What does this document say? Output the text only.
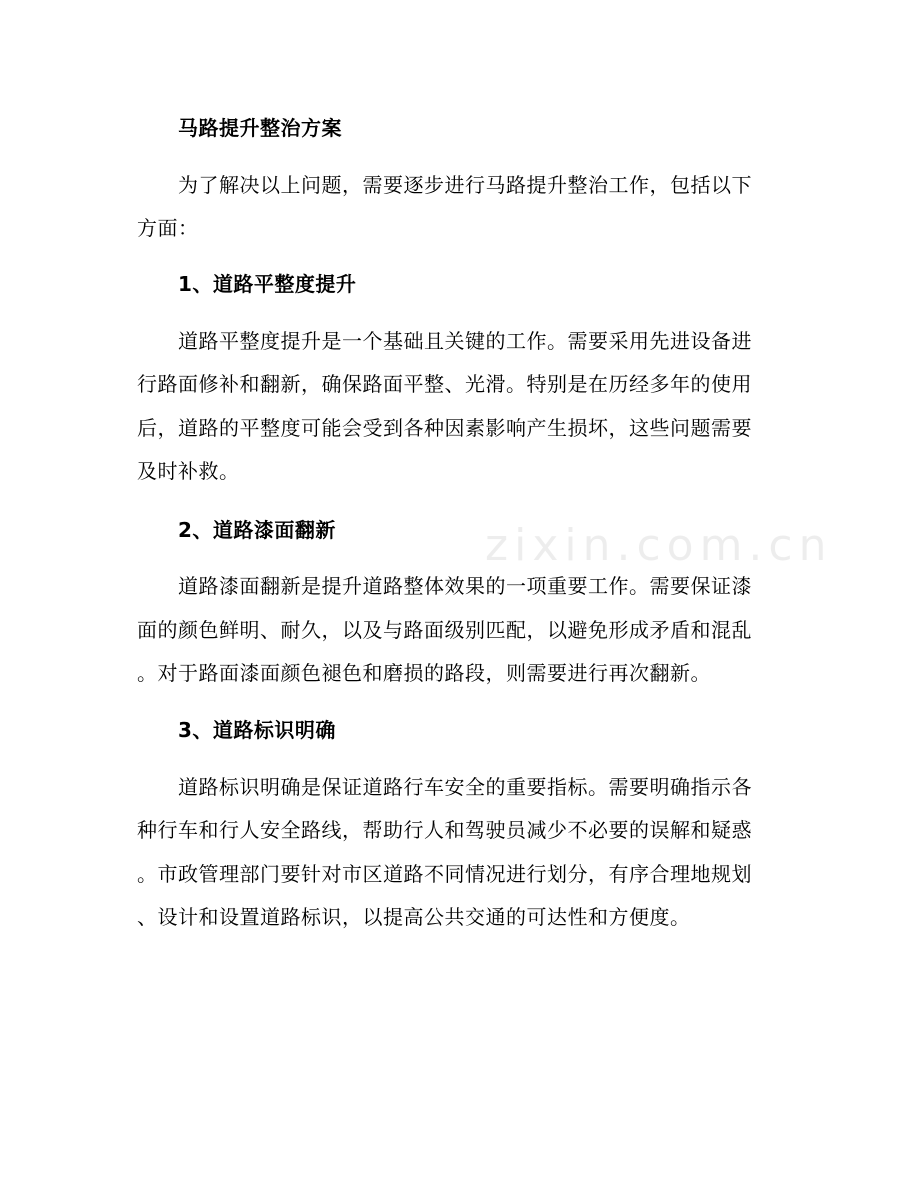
zixin.com.cn
马路提升整治方案
为了解决以上问题，需要逐步进行马路提升整治工作，包括以下
方面：
1、道路平整度提升
道路平整度提升是一个基础且关键的工作。需要采用先进设备进
行路面修补和翻新，确保路面平整、光滑。特别是在历经多年的使用
后，道路的平整度可能会受到各种因素影响产生损坏，这些问题需要
及时补救。
2、道路漆面翻新
道路漆面翻新是提升道路整体效果的一项重要工作。需要保证漆
面的颜色鲜明、耐久，以及与路面级别匹配，以避免形成矛盾和混乱
。对于路面漆面颜色褪色和磨损的路段，则需要进行再次翻新。
3、道路标识明确
道路标识明确是保证道路行车安全的重要指标。需要明确指示各
种行车和行人安全路线，帮助行人和驾驶员减少不必要的误解和疑惑
。市政管理部门要针对市区道路不同情况进行划分，有序合理地规划
、设计和设置道路标识，以提高公共交通的可达性和方便度。
